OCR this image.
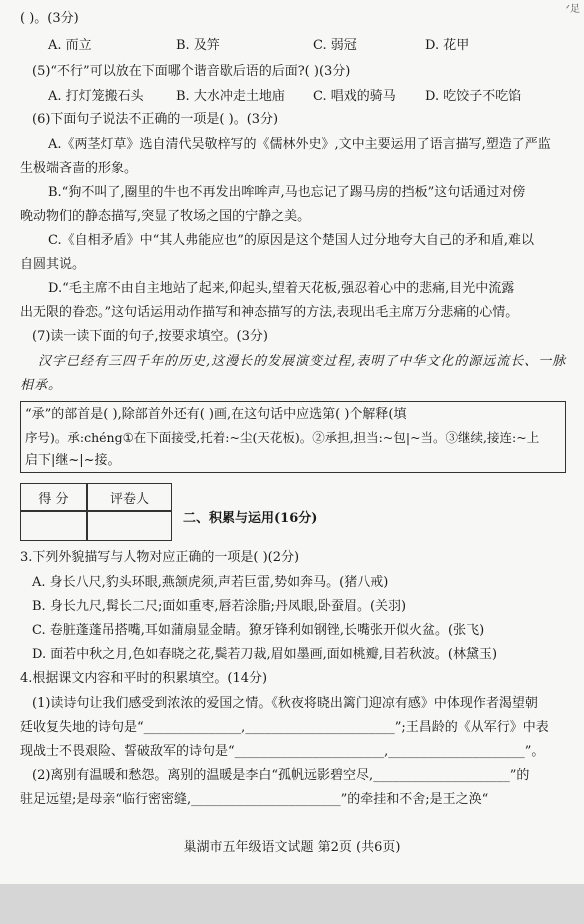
ᐟ足
( )。(3分)
A. 而立	B. 及笄	C. 弱冠	D. 花甲
(5)“不行”可以放在下面哪个谐音歇后语的后面?( )(3分)
A. 打灯笼搬石头 B. 大水冲走土地庙 C. 唱戏的骑马 D. 吃饺子不吃馅
(6)下面句子说法不正确的一项是( )。(3分)
A.《两茎灯草》选自清代吴敬梓写的《儒林外史》,文中主要运用了语言描写,塑造了严监
生极端吝啬的形象。
B.“狗不叫了,圈里的牛也不再发出哞哞声,马也忘记了踢马房的挡板”这句话通过对傍
晚动物们的静态描写,突显了牧场之国的宁静之美。
C.《自相矛盾》中“其人弗能应也”的原因是这个楚国人过分地夸大自己的矛和盾,难以
自圆其说。
D.“毛主席不由自主地站了起来,仰起头,望着天花板,强忍着心中的悲痛,目光中流露
出无限的眷恋。”这句话运用动作描写和神态描写的方法,表现出毛主席万分悲痛的心情。
(7)读一读下面的句子,按要求填空。(3分)
汉字已经有三四千年的历史,这漫长的发展演变过程,表明了中华文化的源远流长、一脉
相承。
“承”的部首是( ),除部首外还有( )画,在这句话中应选第( )个解释(填
序号)。承:chéng①在下面接受,托着:~尘(天花板)。②承担,担当:~包|~当。③继续,接连:~上
启下|继~|~接。
得 分	评卷人
二、积累与运用(16分)
3.下列外貌描写与人物对应正确的一项是( )(2分)
A. 身长八尺,豹头环眼,燕颔虎须,声若巨雷,势如奔马。(猪八戒)
B. 身长九尺,髯长二尺;面如重枣,唇若涂脂;丹凤眼,卧蚕眉。(关羽)
C. 卷脏蓬蓬吊搭嘴,耳如蒲扇显金睛。獠牙锋利如钢锉,长嘴张开似火盆。(张飞)
D. 面若中秋之月,色如春晓之花,鬓若刀裁,眉如墨画,面如桃瓣,目若秋波。(林黛玉)
4.根据课文内容和平时的积累填空。(14分)
(1)读诗句让我们感受到浓浓的爱国之情。《秋夜将晓出篱门迎凉有感》中体现作者渴望朝
廷收复失地的诗句是“_______________,_______________________”;王昌龄的《从军行》中表
现战士不畏艰险、誓破敌军的诗句是“_______________________,_____________________”。
(2)离别有温暖和愁怨。离别的温暖是李白“孤帆远影碧空尽,_____________________”的
驻足远望;是母亲“临行密密缝,_______________________”的牵挂和不舍;是王之涣“
巢湖市五年级语文试题 第2页 (共6页)
